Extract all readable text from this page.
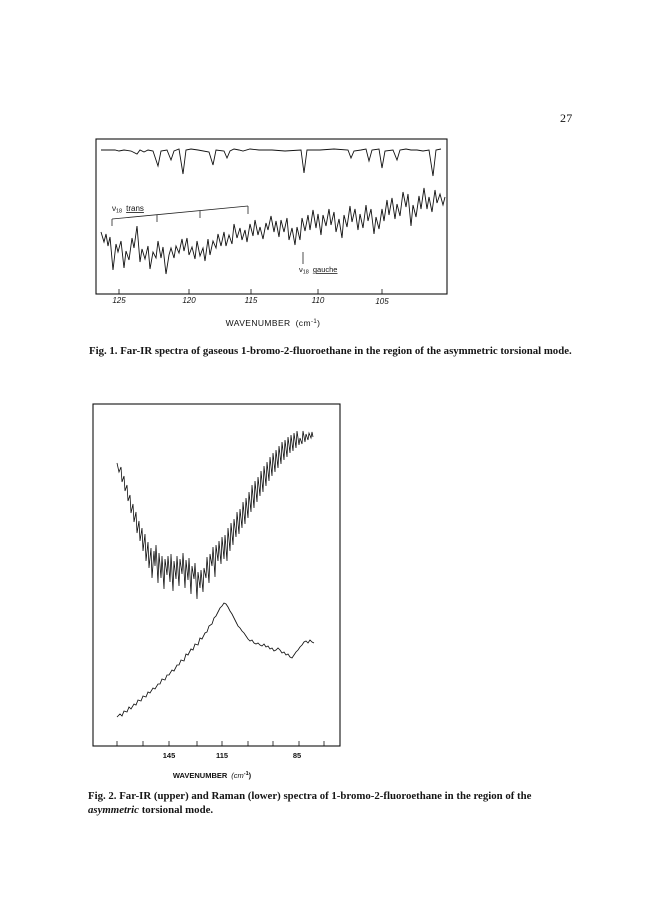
27
ν18 trans
$\nu_{18}$ gauche
125	120	115	110	105
WAVENUMBER $(cm^{-1})$
Fig. 1. Far-IR spectra of gaseous 1-bromo-2-fluoroethane in the region of the asymmetric torsional mode.
145	115	85
WAVENUMBER $(cm^{-1})$
Fig. 2. Far-IR (upper) and Raman (lower) spectra of 1-bromo-2-fluoroethane in the region of the
asymmetric torsional mode.
